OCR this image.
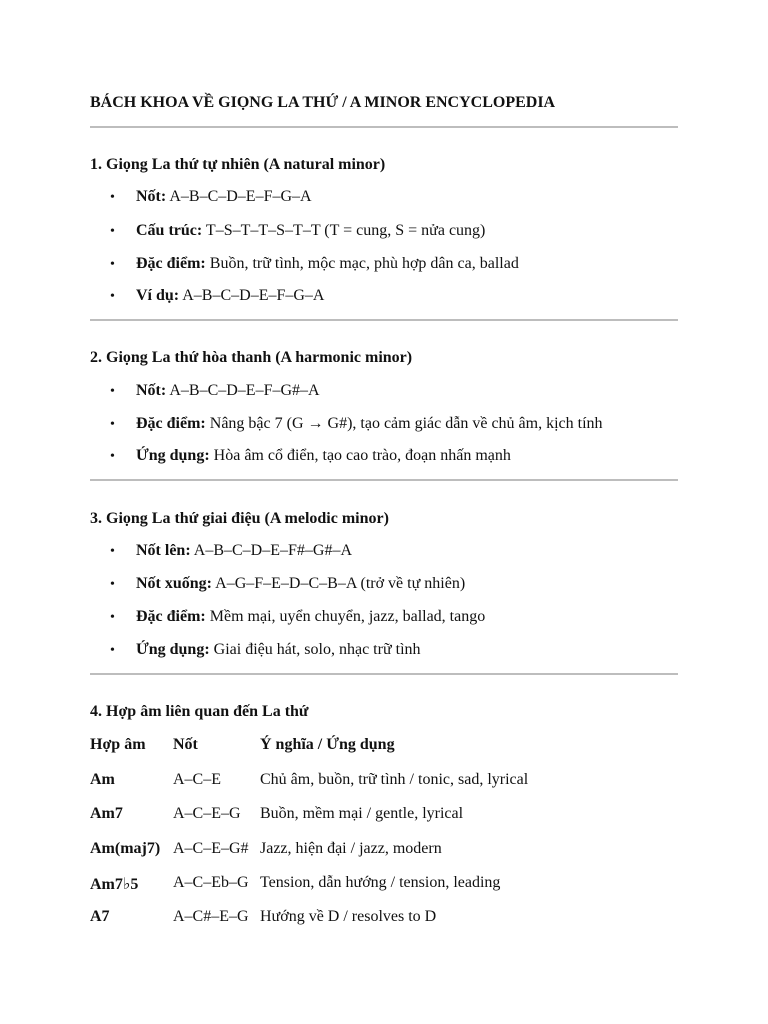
BÁCH KHOA VỀ GIỌNG LA THỨ / A MINOR ENCYCLOPEDIA
1. Giọng La thứ tự nhiên (A natural minor)
• Nốt: A–B–C–D–E–F–G–A
• Cấu trúc: T–S–T–T–S–T–T (T = cung, S = nửa cung)
• Đặc điểm: Buồn, trữ tình, mộc mạc, phù hợp dân ca, ballad
• Ví dụ: A–B–C–D–E–F–G–A
2. Giọng La thứ hòa thanh (A harmonic minor)
• Nốt: A–B–C–D–E–F–G#–A
• Đặc điểm: Nâng bậc 7 (G → G#), tạo cảm giác dẫn về chủ âm, kịch tính
• Ứng dụng: Hòa âm cổ điển, tạo cao trào, đoạn nhấn mạnh
3. Giọng La thứ giai điệu (A melodic minor)
• Nốt lên: A–B–C–D–E–F#–G#–A
• Nốt xuống: A–G–F–E–D–C–B–A (trở về tự nhiên)
• Đặc điểm: Mềm mại, uyển chuyển, jazz, ballad, tango
• Ứng dụng: Giai điệu hát, solo, nhạc trữ tình
4. Hợp âm liên quan đến La thứ
Hợp âm Nốt	Ý nghĩa / Ứng dụng
Am	A–C–E Chủ âm, buồn, trữ tình / tonic, sad, lyrical
Am7	A–C–E–G Buồn, mềm mại / gentle, lyrical
Am(maj7) A–C–E–G# Jazz, hiện đại / jazz, modern
Am7♭5 A–C–Eb–G Tension, dẫn hướng / tension, leading
A7	A–C#–E–G Hướng về D / resolves to D
